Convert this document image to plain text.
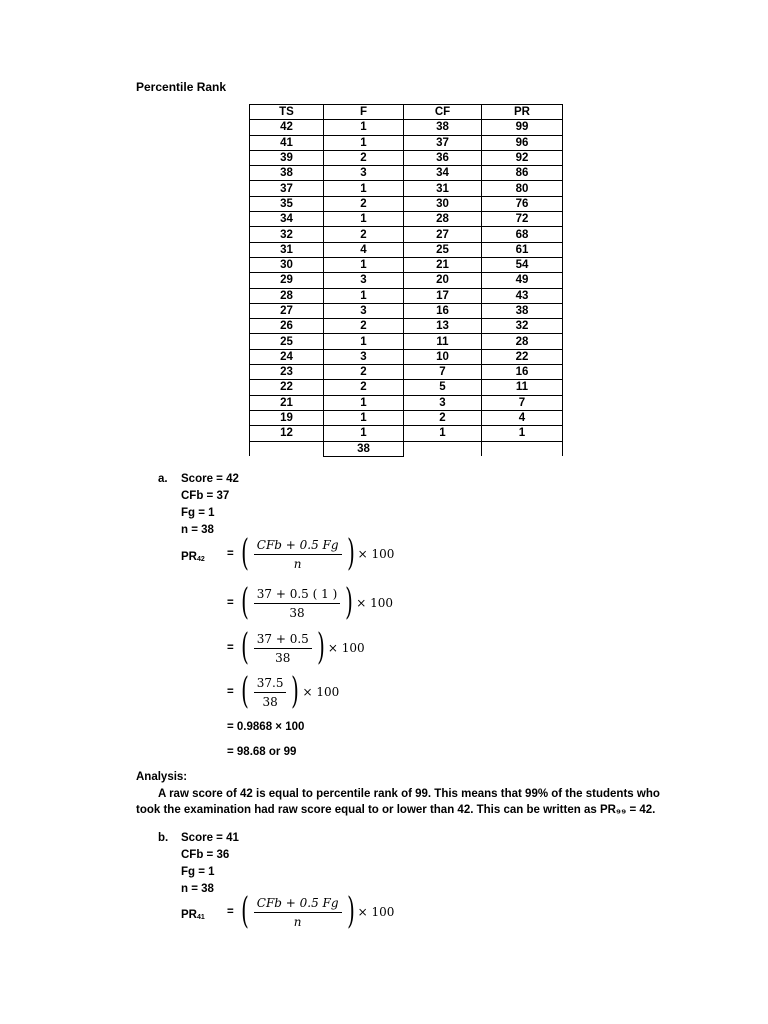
Percentile Rank
TS	F	CF	PR
42	1	38	99
41	1	37	96
39	2	36	92
38	3	34	86
37	1	31	80
35	2	30	76
34	1	28	72
32	2	27	68
31	4	25	61
30	1	21	54
29	3	20	49
28	1	17	43
27	3	16	38
26	2	13	32
25	1	11	28
24	3	10	22
23	2	7	16
22	2	5	11
21	1	3	7
19	1	2	4
12	1	1	1
	38		
a. Score = 42
CFb = 37
Fg = 1
n = 38
PR42 = ( $\frac{\text{CFb + 0.5 Fg}}{n}$ ) × 100
= ( $\frac{37 + 0.5 ( 1 )}{38}$ ) × 100
= ( $\frac{37 + 0.5}{38}$ ) × 100
= ( $\frac{37.5}{38}$ ) × 100
= 0.9868 × 100
= 98.68 or 99
Analysis:
A raw score of 42 is equal to percentile rank of 99. This means that 99% of the students who took the examination had raw score equal to or lower than 42. This can be written as PR₉₉ = 42.
b. Score = 41
CFb = 36
Fg = 1
n = 38
PR41 = ( $\frac{\text{CFb + 0.5 Fg}}{n}$ ) × 100
